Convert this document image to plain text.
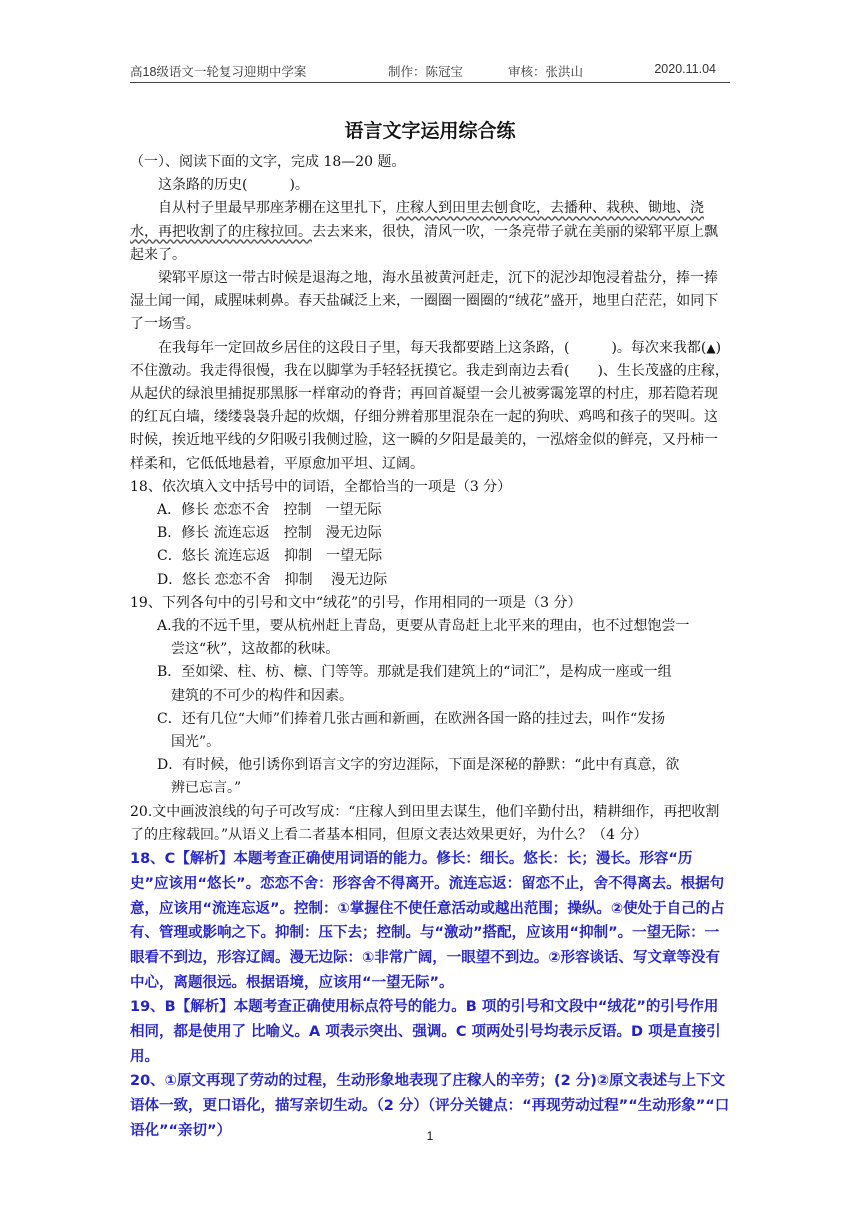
高18级语文一轮复习迎期中学案	制作：陈冠宝	审核：张洪山	2020.11.04
语言文字运用综合练

（一）、阅读下面的文字，完成 18—20 题。

这条路的历史(　　　)。

自从村子里最早那座茅棚在这里扎下，庄稼人到田里去刨食吃，去播种、栽秧、锄地、浇水，再把收割了的庄稼拉回。去去来来，很快，清风一吹，一条亮带子就在美丽的梁郓平原上飘起来了。

梁郓平原这一带古时候是退海之地，海水虽被黄河赶走，沉下的泥沙却饱浸着盐分，捧一捧湿土闻一闻，咸腥味刺鼻。春天盐碱泛上来，一圈圈一圈圈的“绒花”盛开，地里白茫茫，如同下了一场雪。

在我每年一定回故乡居住的这段日子里，每天我都要踏上这条路，(　　　)。每次来我都(▲)不住激动。我走得很慢，我在以脚掌为手轻轻抚摸它。我走到南边去看(　　)、生长茂盛的庄稼，从起伏的绿浪里捕捉那黑豚一样窜动的脊背；再回首凝望一会儿被雾霭笼罩的村庄，那若隐若现的红瓦白墙，缕缕袅袅升起的炊烟，仔细分辨着那里混杂在一起的狗吠、鸡鸣和孩子的哭叫。这时候，挨近地平线的夕阳吸引我侧过脸，这一瞬的夕阳是最美的，一泓熔金似的鲜亮，又丹柿一样柔和，它低低地悬着，平原愈加平坦、辽阔。

18、依次填入文中括号中的词语，全都恰当的一项是（3 分）

A．修长 恋恋不舍　控制　一望无际

B．修长 流连忘返　控制　漫无边际

C．悠长 流连忘返　抑制　一望无际

D．悠长 恋恋不舍　抑制　 漫无边际

19、下列各句中的引号和文中“绒花”的引号，作用相同的一项是（3 分）

A.我的不远千里，要从杭州赶上青岛，更要从青岛赶上北平来的理由，也不过想饱尝一

尝这“秋”，这故都的秋味。

B．至如梁、柱、枋、檩、门等等。那就是我们建筑上的“词汇”，是构成一座或一组

建筑的不可少的构件和因素。

C．还有几位“大师”们捧着几张古画和新画，在欧洲各国一路的挂过去，叫作“发扬

国光”。

D．有时候，他引诱你到语言文字的穷边涯际，下面是深秘的静默：“此中有真意，欲

辨已忘言。”

20.文中画波浪线的句子可改写成：“庄稼人到田里去谋生，他们辛勤付出，精耕细作，再把收割了的庄稼载回。”从语义上看二者基本相同，但原文表达效果更好，为什么？（4 分）

18、C【解析】本题考查正确使用词语的能力。修长：细长。悠长：长；漫长。形容“历史”应该用“悠长”。恋恋不舍：形容舍不得离开。流连忘返：留恋不止，舍不得离去。根据句意，应该用“流连忘返”。控制：①掌握住不使任意活动或越出范围；操纵。②使处于自己的占有、管理或影响之下。抑制：压下去；控制。与“激动”搭配，应该用“抑制”。一望无际：一眼看不到边，形容辽阔。漫无边际：①非常广阔，一眼望不到边。②形容谈话、写文章等没有中心，离题很远。根据语境，应该用“一望无际”。

19、B【解析】本题考查正确使用标点符号的能力。B 项的引号和文段中“绒花”的引号作用相同，都是使用了 比喻义。A 项表示突出、强调。C 项两处引号均表示反语。D 项是直接引用。

20、①原文再现了劳动的过程，生动形象地表现了庄稼人的辛劳；(2 分)②原文表述与上下文语体一致，更口语化，描写亲切生动。（2 分）（评分关键点：“再现劳动过程”“生动形象”“口语化”“亲切”）	1
